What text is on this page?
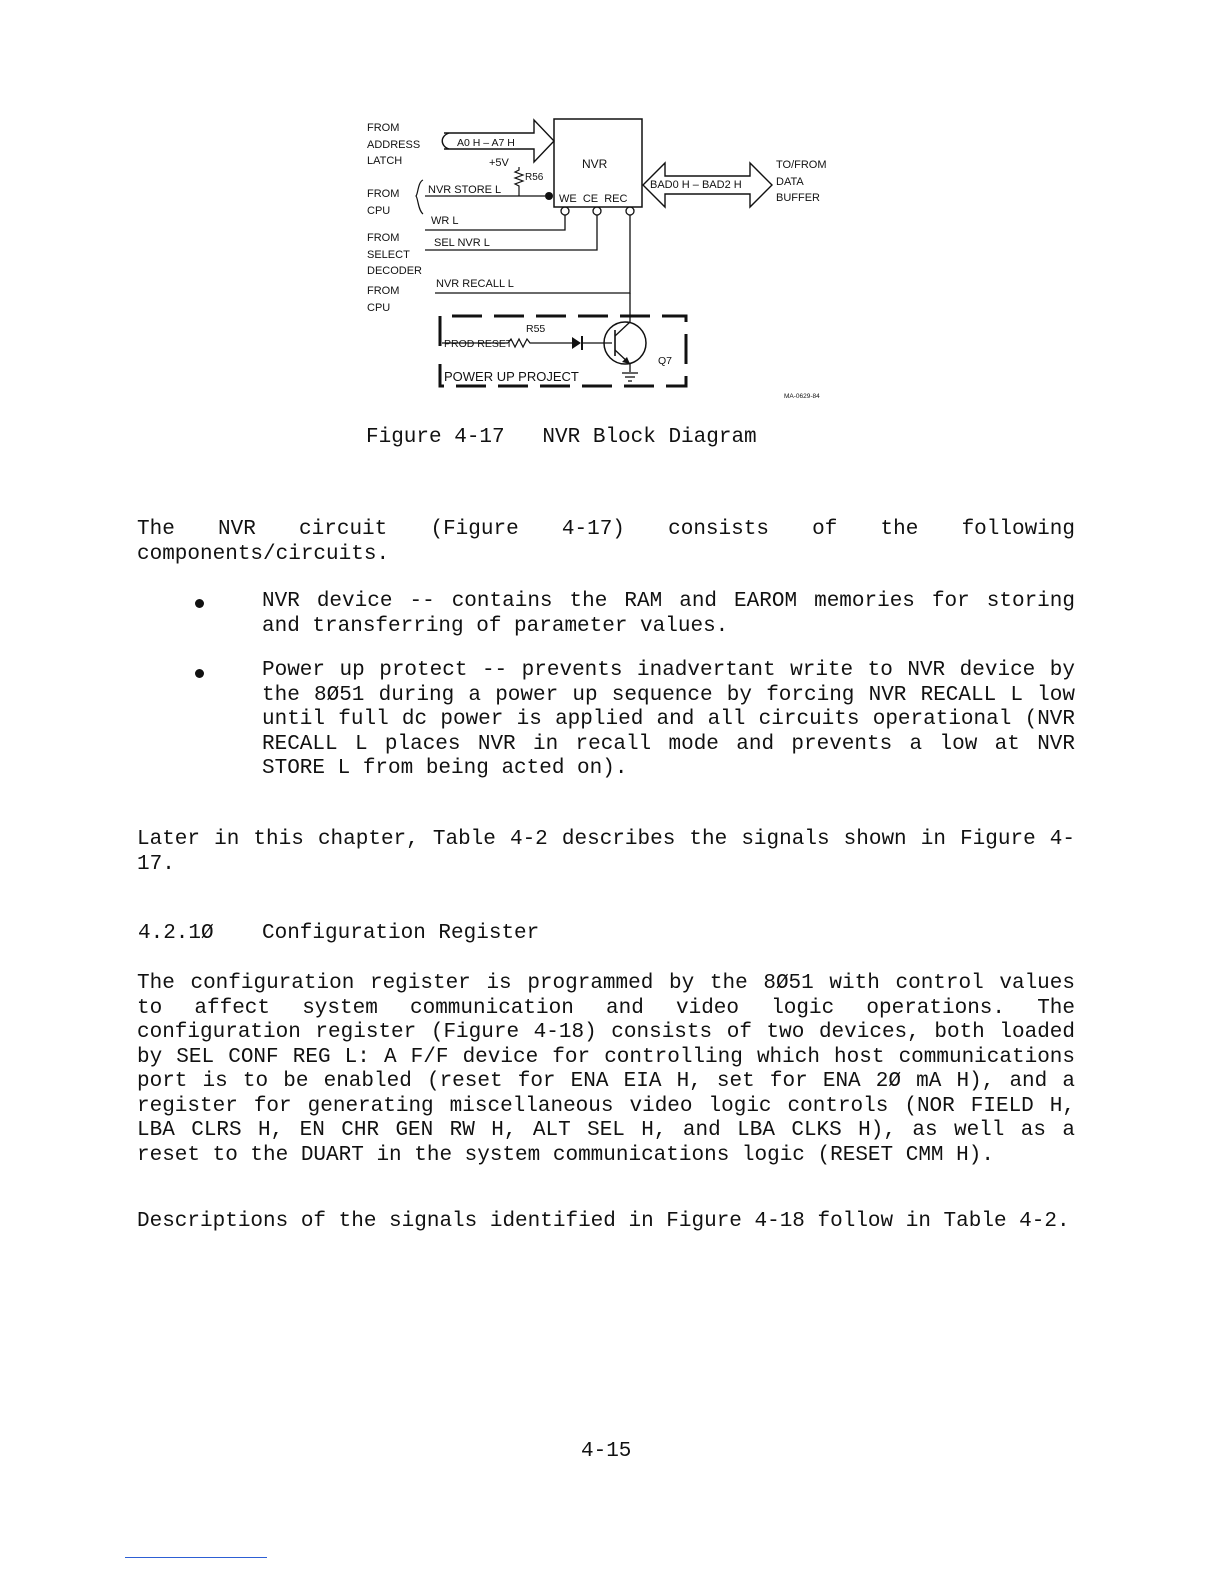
FROM ADDRESS LATCH
FROM CPU
FROM SELECT DECODER
FROM CPU
A0 H – A7 H
NVR
WE  CE  REC
+5V
R56
NVR STORE L
WR L
SEL NVR L
NVR RECALL L
BAD0 H – BAD2 H
TO/FROM DATA BUFFER
R55
PROD RESET
Q7
POWER UP PROJECT
MA-0629-84
Figure 4-17   NVR Block Diagram

The NVR circuit (Figure 4-17) consists of the following components/circuits.

NVR device -- contains the RAM and EAROM memories for storing and transferring of parameter values.

Power up protect -- prevents inadvertant write to NVR device by the 8Ø51 during a power up sequence by forcing NVR RECALL L low until full dc power is applied and all circuits operational (NVR RECALL L places NVR in recall mode and prevents a low at NVR STORE L from being acted on).

Later in this chapter, Table 4-2 describes the signals shown in Figure 4-17.

4.2.1Ø Configuration Register

The configuration register is programmed by the 8Ø51 with control values to affect system communication and video logic operations. The configuration register (Figure 4-18) consists of two devices, both loaded by SEL CONF REG L: A F/F device for controlling which host communications port is to be enabled (reset for ENA EIA H, set for ENA 2Ø mA H), and a register for generating miscellaneous video logic controls (NOR FIELD H, LBA CLRS H, EN CHR GEN RW H, ALT SEL H, and LBA CLKS H), as well as a reset to the DUART in the system communications logic (RESET CMM H).

Descriptions of the signals identified in Figure 4-18 follow in Table 4-2.

4-15
